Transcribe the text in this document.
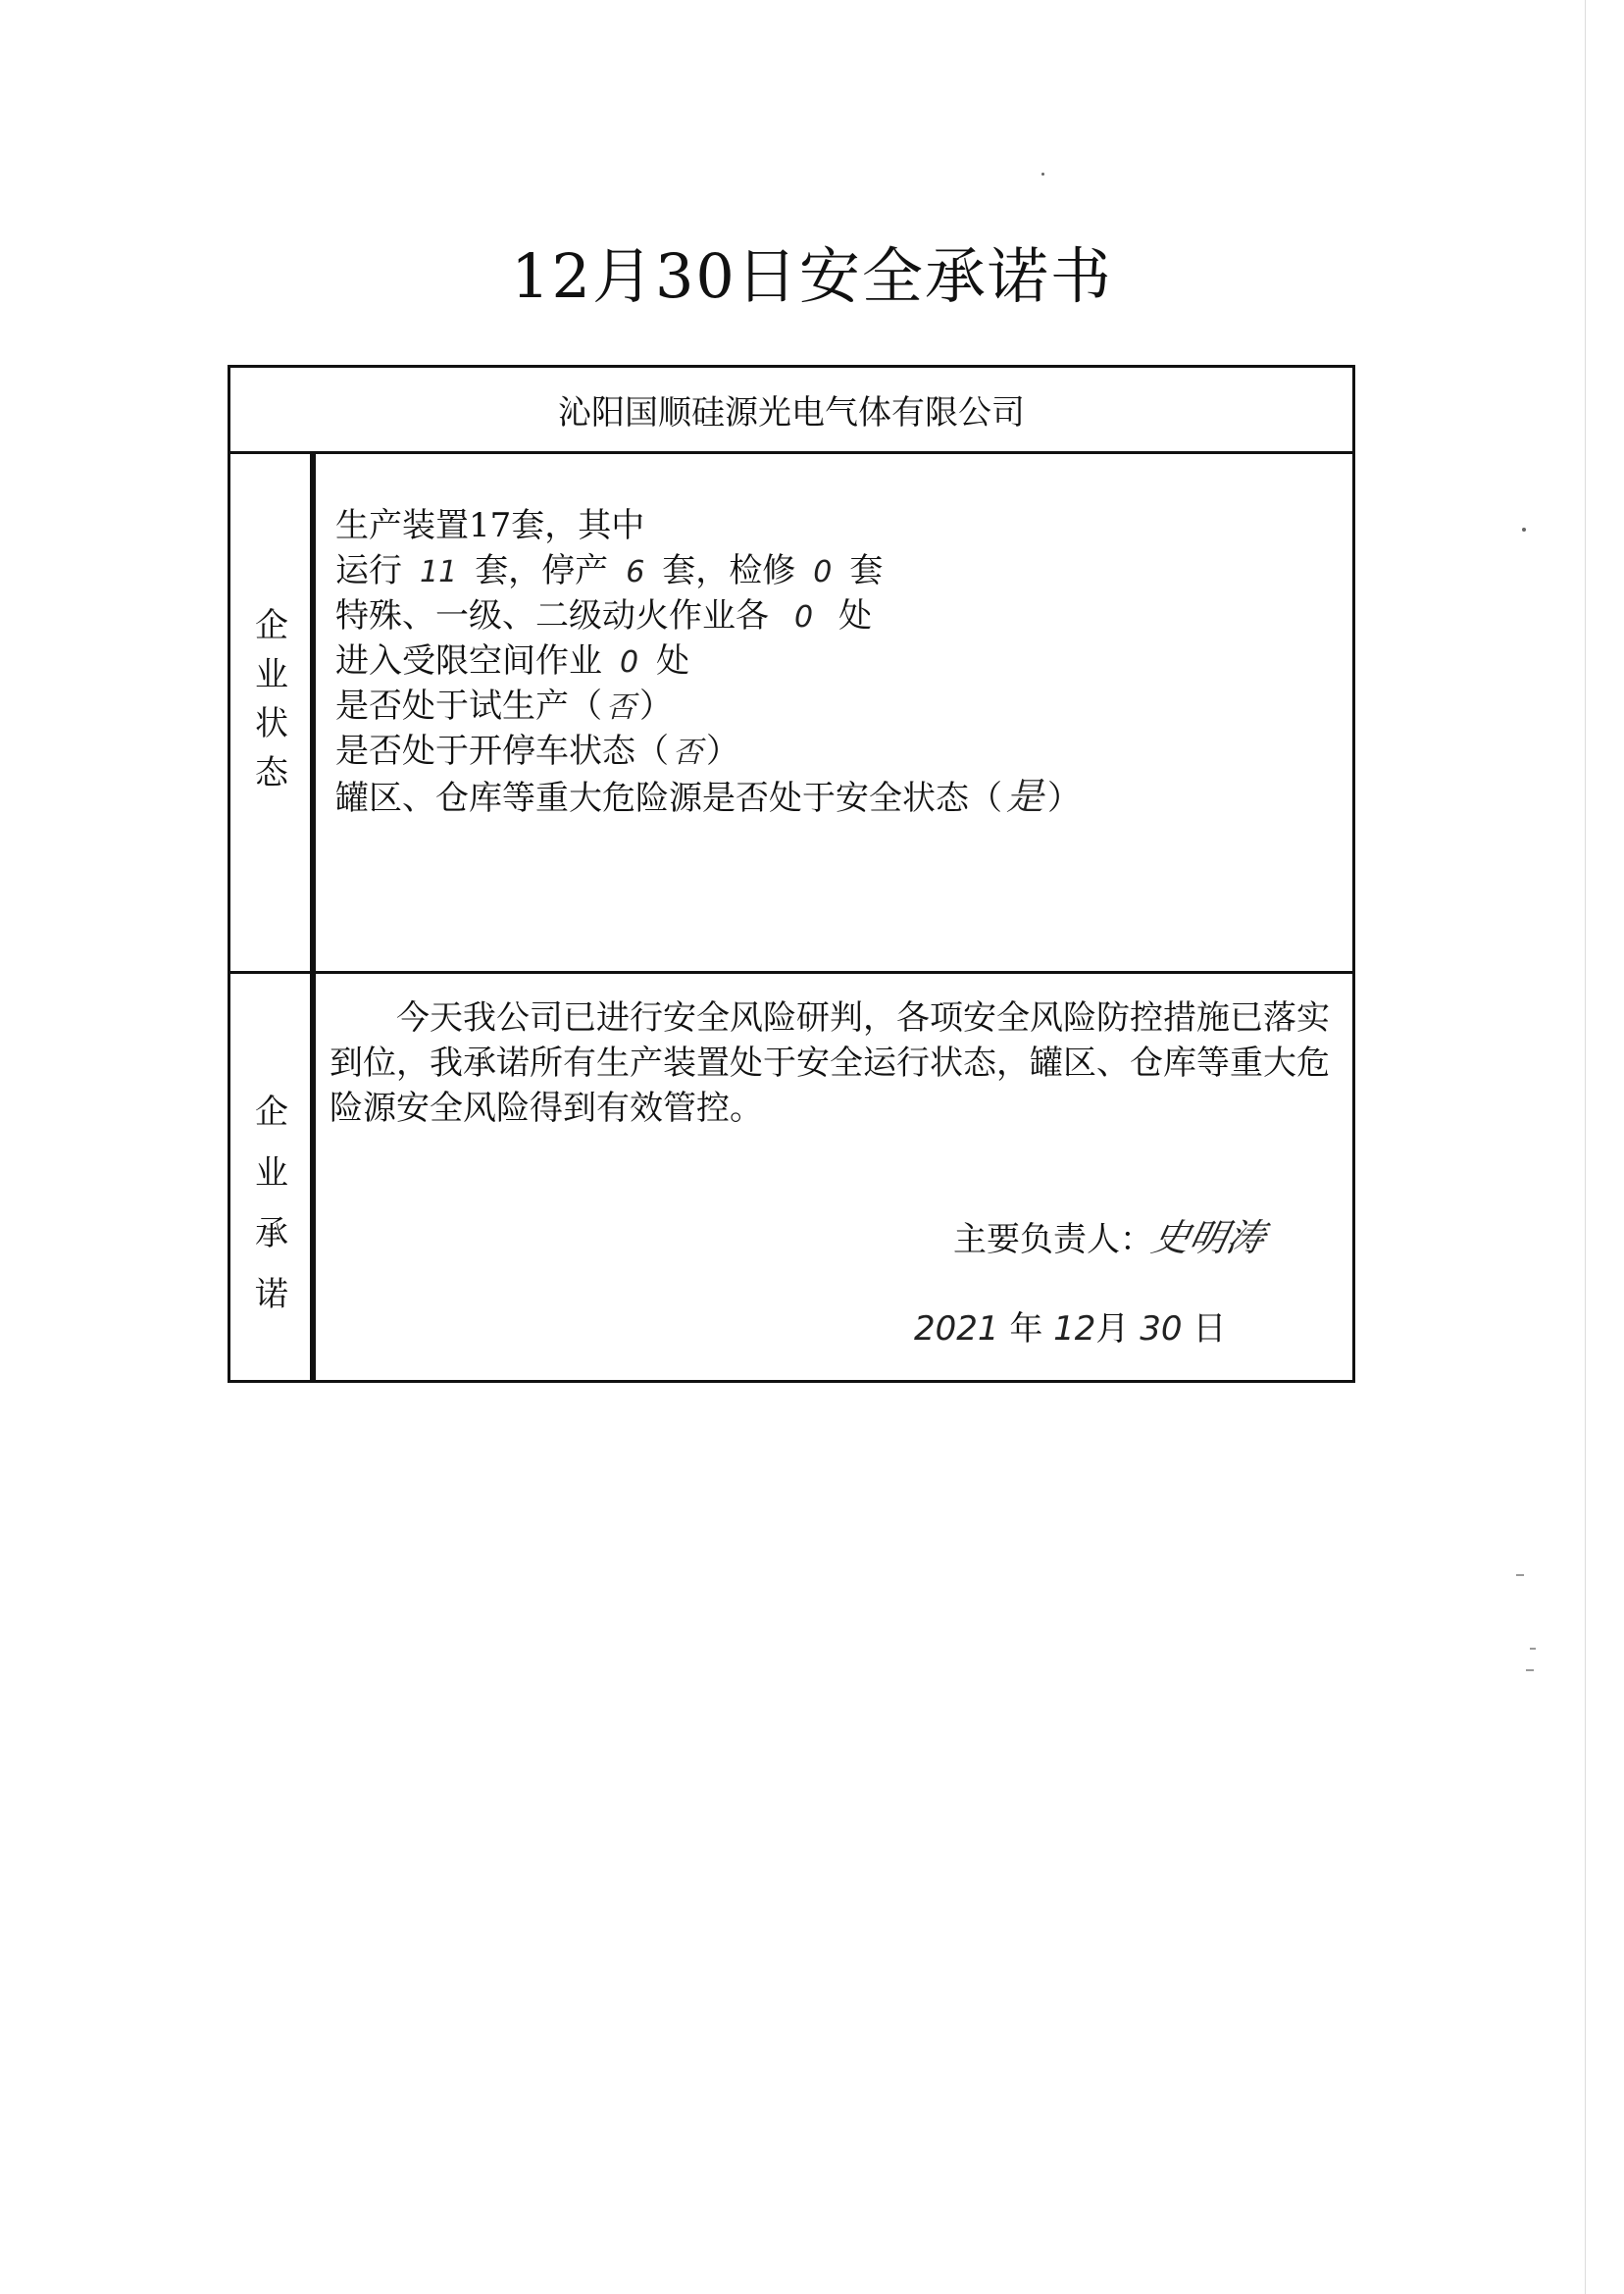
12月30日安全承诺书
沁阳国顺硅源光电气体有限公司
企
业
状
态
生产装置17套，其中
运行 11 套，停产 6 套，检修 0 套
特殊、一级、二级动火作业各 0 处
进入受限空间作业 0 处
是否处于试生产（ 否 ）
是否处于开停车状态（ 否 ）
罐区、仓库等重大危险源是否处于安全状态（ 是 ）
企
业
承
诺
今天我公司已进行安全风险研判，各项安全风险防控措施已落实到位，我承诺所有生产装置处于安全运行状态，罐区、仓库等重大危险源安全风险得到有效管控。
主要负责人：史明涛
2021 年 12月 30 日
